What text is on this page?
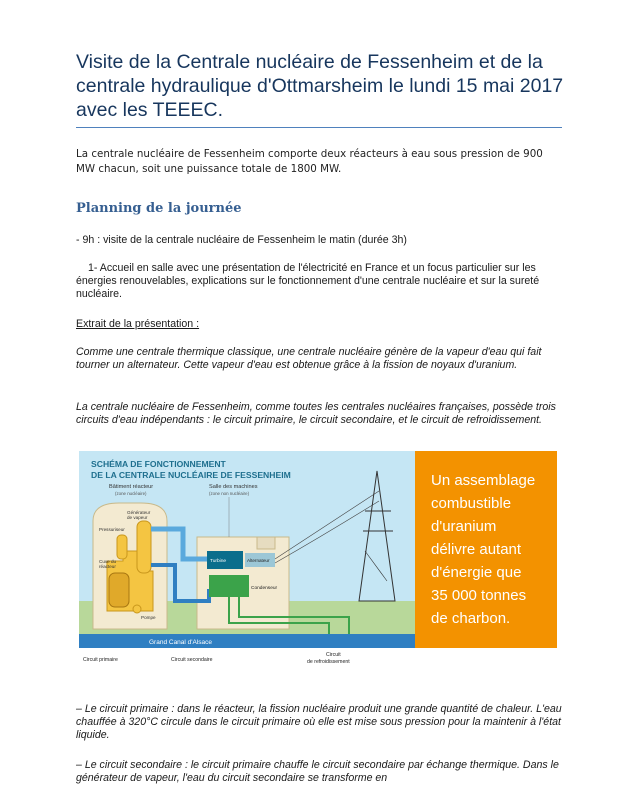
Visite de la Centrale nucléaire de Fessenheim et de la centrale hydraulique d'Ottmarsheim le lundi 15 mai 2017 avec les TEEEC.
La centrale nucléaire de Fessenheim comporte deux réacteurs à eau sous pression de 900 MW chacun, soit une puissance totale de 1800 MW.
Planning de la journée
- 9h : visite de la centrale nucléaire de Fessenheim le matin (durée 3h)
1- Accueil en salle avec une présentation de l'électricité en France et un focus particulier sur les énergies renouvelables, explications sur le fonctionnement d'une centrale nucléaire et sur la sureté nucléaire.
Extrait de la présentation :
Comme une centrale thermique classique, une centrale nucléaire génère de la vapeur d'eau qui fait tourner un alternateur. Cette vapeur d'eau est obtenue grâce à la fission de noyaux d'uranium.
La centrale nucléaire de Fessenheim, comme toutes les centrales nucléaires françaises, possède trois circuits d'eau indépendants : le circuit primaire, le circuit secondaire, et le circuit de refroidissement.
Grand Canal d'Alsace
SCHÉMA DE FONCTIONNEMENT
DE LA CENTRALE NUCLÉAIRE DE FESSENHEIM
Bâtiment réacteur
(zone nucléaire)
Salle des machines
(zone non nucléaire)
Générateur
de vapeur
Pressuriseur
Cuve du
réacteur
Pompe
Turbine	Alternateur
Condenseur
Circuit primaire	Circuit secondaire
Circuit
de refroidissement
Un assemblage
combustible
d'uranium
délivre autant
d'énergie que
35 000 tonnes
de charbon.
– Le circuit primaire : dans le réacteur, la fission nucléaire produit une grande quantité de chaleur. L'eau chauffée à 320°C circule dans le circuit primaire où elle est mise sous pression pour la maintenir à l'état liquide.
– Le circuit secondaire : le circuit primaire chauffe le circuit secondaire par échange thermique. Dans le générateur de vapeur, l'eau du circuit secondaire se transforme en
